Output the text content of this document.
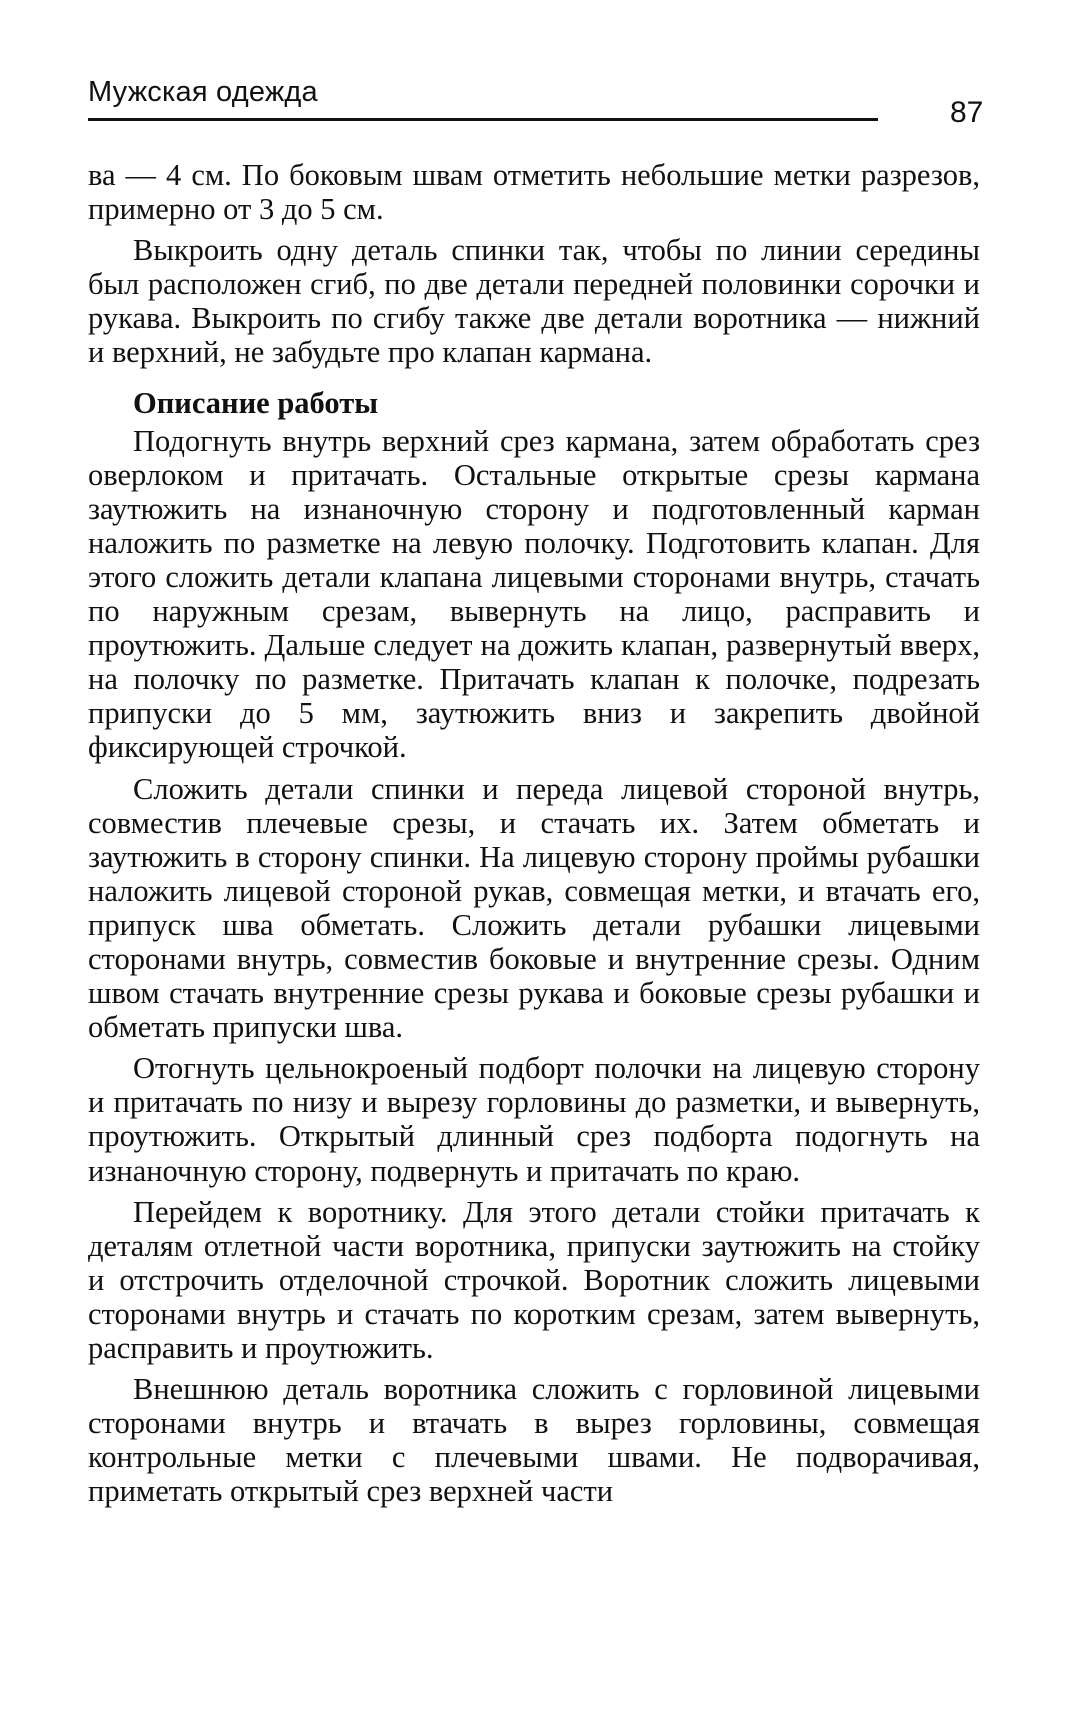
Мужская одежда
87

ва — 4 см. По боковым швам отметить небольшие метки разрезов, примерно от 3 до 5 см.

Выкроить одну деталь спинки так, чтобы по линии середины был расположен сгиб, по две детали передней половинки сорочки и рукава. Выкроить по сгибу также две детали воротника — нижний и верхний, не забудьте про клапан кармана.

Описание работы

Подогнуть внутрь верхний срез кармана, затем обработать срез оверлоком и притачать. Остальные открытые срезы кармана заутюжить на изнаночную сторону и подготовленный карман наложить по разметке на левую полочку. Подготовить клапан. Для этого сложить детали клапана лицевыми сторонами внутрь, стачать по наружным срезам, вывернуть на лицо, расправить и проутюжить. Дальше следует на дожить клапан, развернутый вверх, на полочку по разметке. Притачать клапан к полочке, подрезать припуски до 5 мм, заутюжить вниз и закрепить двойной фиксирующей строчкой.

Сложить детали спинки и переда лицевой стороной внутрь, совместив плечевые срезы, и стачать их. Затем обметать и заутюжить в сторону спинки. На лицевую сторону проймы рубашки наложить лицевой стороной рукав, совмещая метки, и втачать его, припуск шва обметать. Сложить детали рубашки лицевыми сторонами внутрь, совместив боковые и внутренние срезы. Одним швом стачать внутренние срезы рукава и боковые срезы рубашки и обметать припуски шва.

Отогнуть цельнокроеный подборт полочки на лицевую сторону и притачать по низу и вырезу горловины до разметки, и вывернуть, проутюжить. Открытый длинный срез подборта подогнуть на изнаночную сторону, подвернуть и притачать по краю.

Перейдем к воротнику. Для этого детали стойки притачать к деталям отлетной части воротника, припуски заутюжить на стойку и отстрочить отделочной строчкой. Воротник сложить лицевыми сторонами внутрь и стачать по коротким срезам, затем вывернуть, расправить и проутюжить.

Внешнюю деталь воротника сложить с горловиной лицевыми сторонами внутрь и втачать в вырез горловины, совмещая контрольные метки с плечевыми швами. Не подворачивая, приметать открытый срез верхней части
